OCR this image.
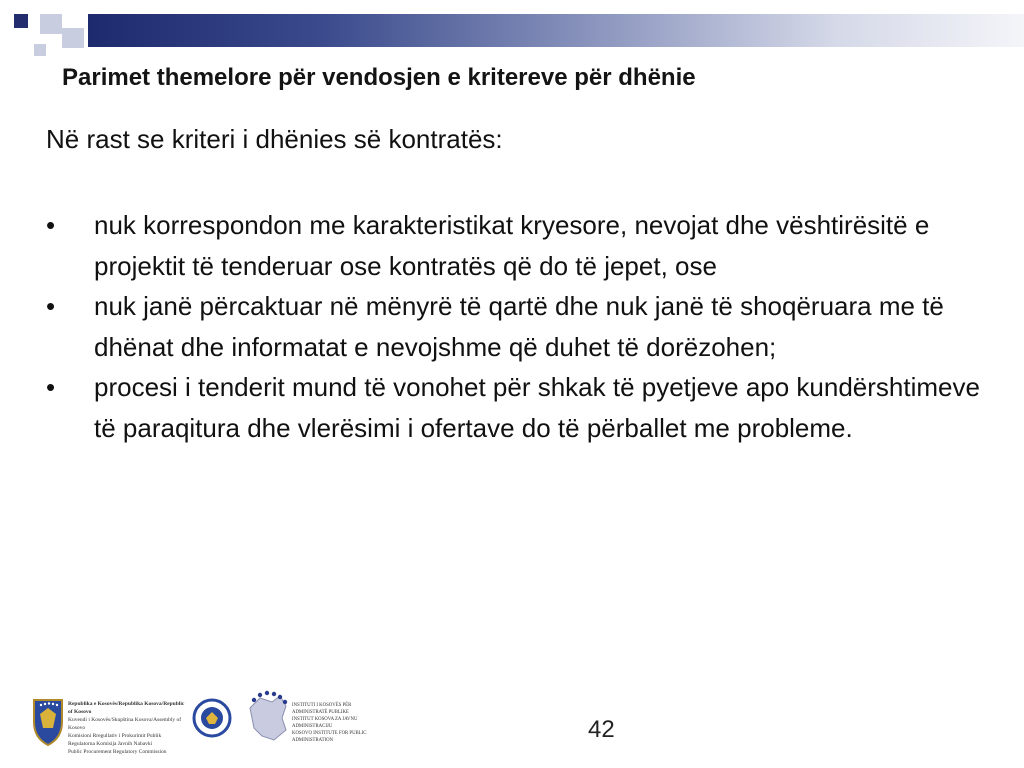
Parimet themelore për vendosjen e kritereve për dhënie
Në rast se kriteri i dhënies së kontratës:
• nuk korrespondon me karakteristikat kryesore, nevojat dhe vështirësitë e projektit të tenderuar ose kontratës që do të jepet, ose
• nuk janë përcaktuar në mënyrë të qartë dhe nuk janë të shoqëruara me të dhënat dhe informatat e nevojshme që duhet të dorëzohen;
• procesi i tenderit mund të vonohet për shkak të pyetjeve apo kundërshtimeve të paraqitura dhe vlerësimi i ofertave do të përballet me probleme.
Republika e Kosovës/Republika Kosova/Republic of Kosovo
Kuvendi i Kosovës/Skupština Kosova/Assembly of Kosovo
Komisioni Rregullativ i Prokurimit Publik
Regulatorna Komisija Javnih Nabavki
Public Procurement Regulatory Commission
INSTITUTI I KOSOVËS PËR ADMINISTRATË PUBLIKE
INSTITUT KOSOVA ZA JAVNU ADMINISTRACIJU
KOSOVO INSTITUTE FOR PUBLIC ADMINISTRATION	42
